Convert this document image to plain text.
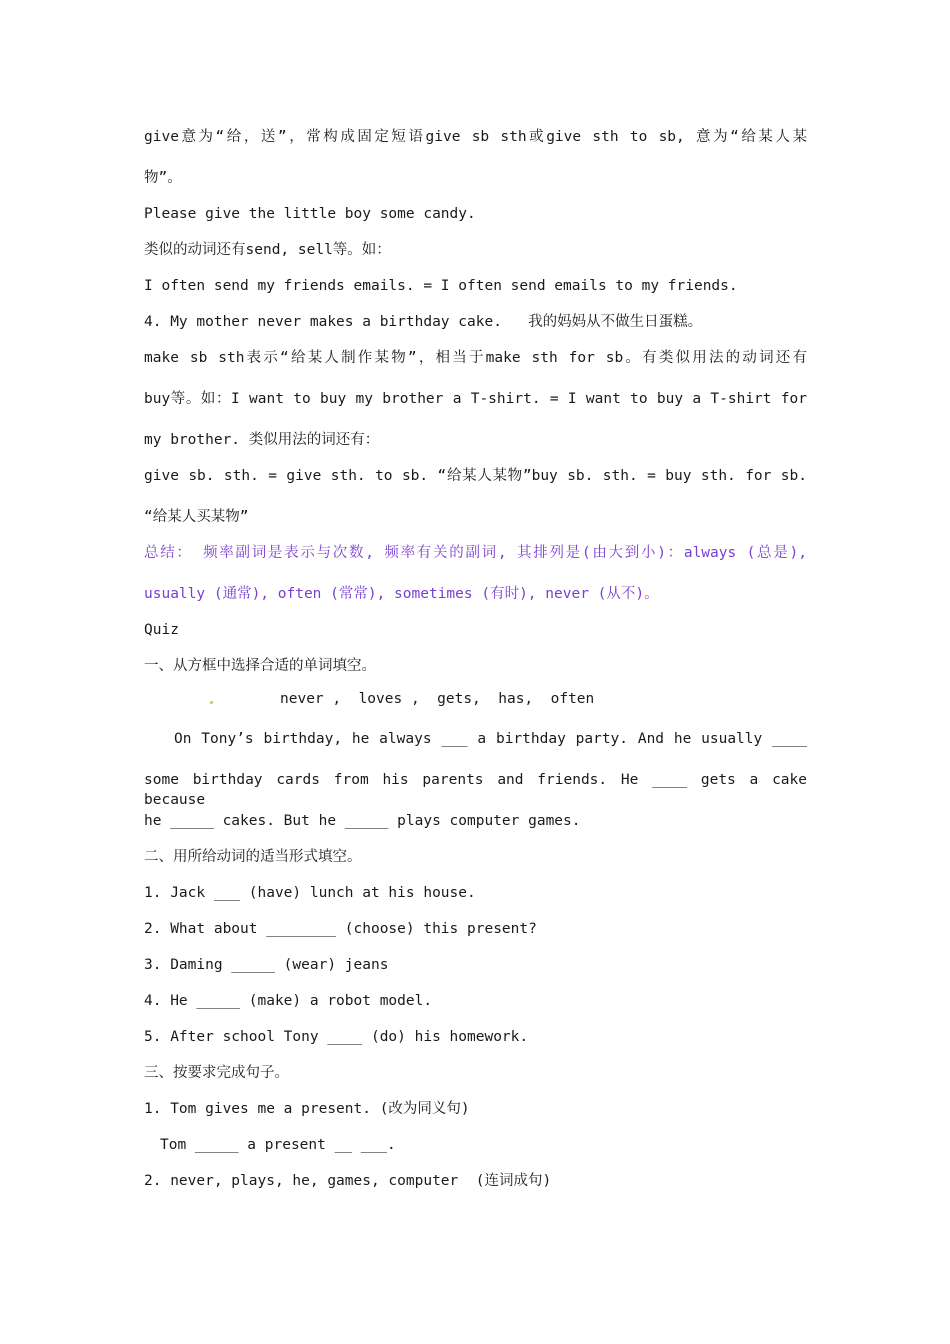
give意为“给，送”，常构成固定短语give sb sth或give sth to sb, 意为“给某人某
物”。
Please give the little boy some candy.
类似的动词还有send, sell等。如：
I often send my friends emails. = I often send emails to my friends.
4. My mother never makes a birthday cake.   我的妈妈从不做生日蛋糕。
make sb sth表示“给某人制作某物”，相当于make sth for sb。有类似用法的动词还有
buy等。如：I want to buy my brother a T-shirt. = I want to buy a T-shirt for
my brother. 类似用法的词还有：
give sb. sth. = give sth. to sb. “给某人某物”buy sb. sth. = buy sth. for sb.
“给某人买某物”
总结： 频率副词是表示与次数, 频率有关的副词, 其排列是(由大到小)：always (总是),
usually (通常), often (常常), sometimes (有时), never (从不)。
Quiz
一、从方框中选择合适的单词填空。
never ,  loves ,  gets,  has,  often
On Tony’s birthday, he always ___ a birthday party. And he usually ____
some birthday cards from his parents and friends. He ____ gets a cake because
he _____ cakes. But he _____ plays computer games.
二、用所给动词的适当形式填空。
1. Jack ___ (have) lunch at his house.
2. What about ________ (choose) this present?
3. Daming _____ (wear) jeans
4. He _____ (make) a robot model.
5. After school Tony ____ (do) his homework.
三、按要求完成句子。
1. Tom gives me a present. (改为同义句)
Tom _____ a present __ ___.
2. never, plays, he, games, computer  (连词成句)
